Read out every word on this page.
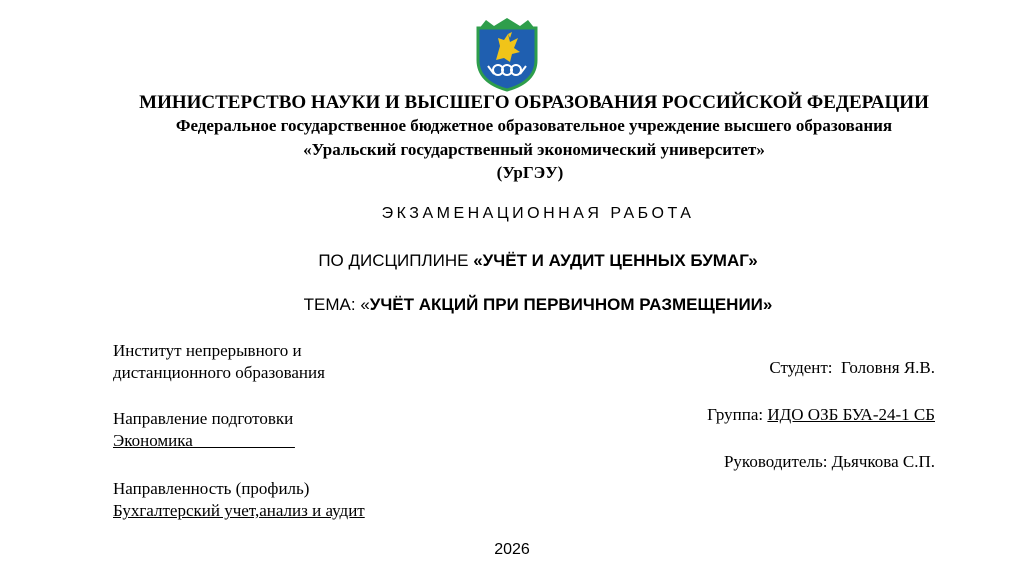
МИНИСТЕРСТВО НАУКИ И ВЫСШЕГО ОБРАЗОВАНИЯ РОССИЙСКОЙ ФЕДЕРАЦИИ
Федеральное государственное бюджетное образовательное учреждение высшего образования
«Уральский государственный экономический университет»
(УрГЭУ)
ЭКЗАМЕНАЦИОННАЯ РАБОТА
ПО ДИСЦИПЛИНЕ «УЧЁТ И АУДИТ ЦЕННЫХ БУМАГ»
ТЕМА: «УЧЁТ АКЦИЙ ПРИ ПЕРВИЧНОМ РАЗМЕЩЕНИИ»
Институт непрерывного и
дистанционного образования
Направление подготовки
Экономика____________
Направленность (профиль)
Бухгалтерский учет,анализ и аудит
Студент:  Головня Я.В.
Группа: ИДО ОЗБ БУА-24-1 СБ
Руководитель: Дьячкова С.П.
2026
